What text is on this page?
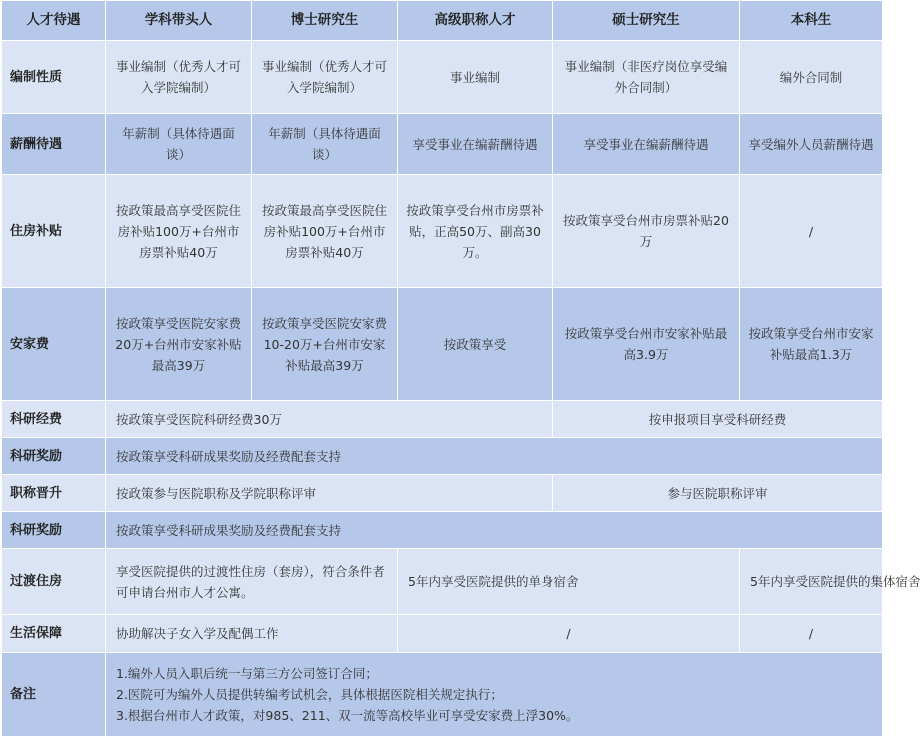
人才待遇	学科带头人	博士研究生	高级职称人才	硕士研究生	本科生
编制性质	事业编制（优秀人才可入学院编制）	事业编制（优秀人才可入学院编制）	事业编制	事业编制（非医疗岗位享受编外合同制）	编外合同制
薪酬待遇	年薪制（具体待遇面谈）	年薪制（具体待遇面谈）	享受事业在编薪酬待遇	享受事业在编薪酬待遇	享受编外人员薪酬待遇
住房补贴	按政策最高享受医院住房补贴100万+台州市房票补贴40万	按政策最高享受医院住房补贴100万+台州市房票补贴40万	按政策享受台州市房票补贴，正高50万、副高30万。	按政策享受台州市房票补贴20万	/
安家费	按政策享受医院安家费20万+台州市安家补贴最高39万	按政策享受医院安家费10-20万+台州市安家补贴最高39万	按政策享受	按政策享受台州市安家补贴最高3.9万	按政策享受台州市安家补贴最高1.3万
科研经费	按政策享受医院科研经费30万			按申报项目享受科研经费	
科研奖励	按政策享受科研成果奖励及经费配套支持				
职称晋升	按政策参与医院职称及学院职称评审			参与医院职称评审	
科研奖励	按政策享受科研成果奖励及经费配套支持				
过渡住房	享受医院提供的过渡性住房（套房），符合条件者可申请台州市人才公寓。		5年内享受医院提供的单身宿舍		5年内享受医院提供的集体宿舍
生活保障	协助解决子女入学及配偶工作		/		/
备注	1.编外人员入职后统一与第三方公司签订合同；
2.医院可为编外人员提供转编考试机会，具体根据医院相关规定执行；
3.根据台州市人才政策，对985、211、双一流等高校毕业可享受安家费上浮30%。				
